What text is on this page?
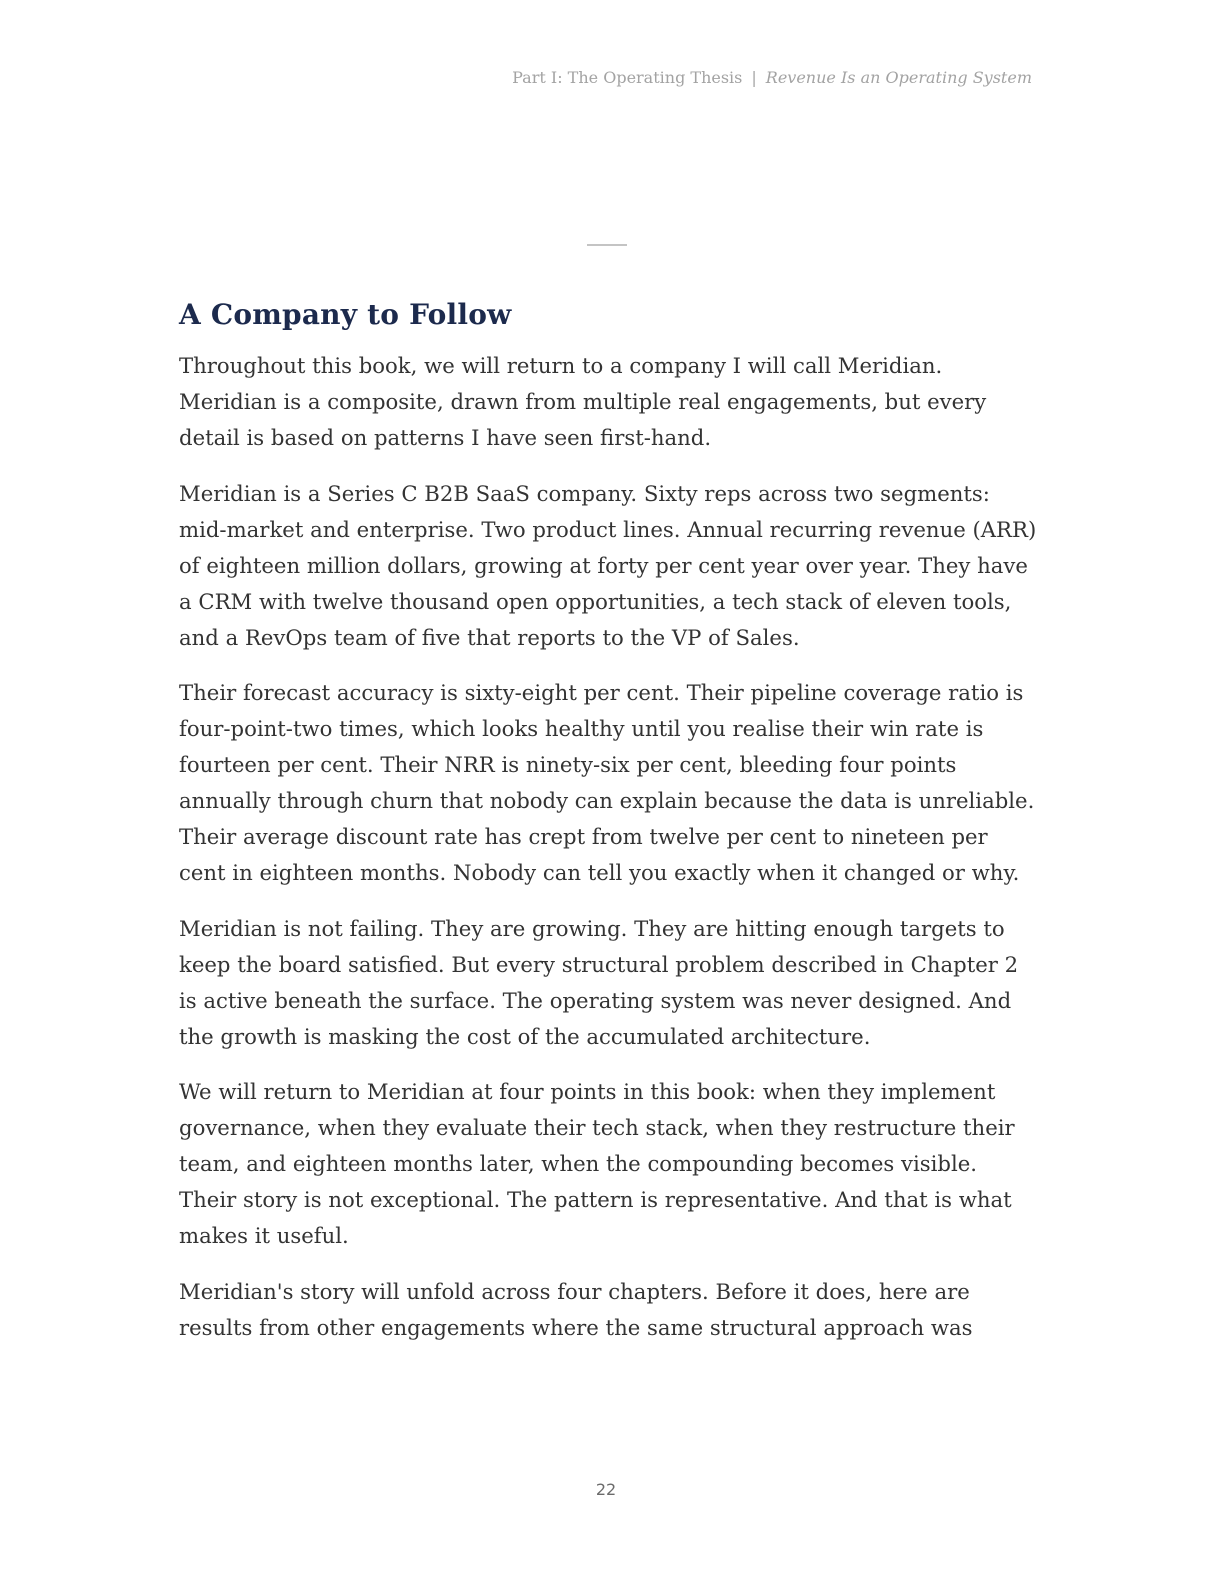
Part I: The Operating Thesis | Revenue Is an Operating System
A Company to Follow

Throughout this book, we will return to a company I will call Meridian. Meridian is a composite, drawn from multiple real engagements, but every detail is based on patterns I have seen first-hand.

Meridian is a Series C B2B SaaS company. Sixty reps across two segments: mid-market and enterprise. Two product lines. Annual recurring revenue (ARR) of eighteen million dollars, growing at forty per cent year over year. They have a CRM with twelve thousand open opportunities, a tech stack of eleven tools, and a RevOps team of five that reports to the VP of Sales.

Their forecast accuracy is sixty-eight per cent. Their pipeline coverage ratio is four-point-two times, which looks healthy until you realise their win rate is fourteen per cent. Their NRR is ninety-six per cent, bleeding four points annually through churn that nobody can explain because the data is unreliable. Their average discount rate has crept from twelve per cent to nineteen per cent in eighteen months. Nobody can tell you exactly when it changed or why.

Meridian is not failing. They are growing. They are hitting enough targets to keep the board satisfied. But every structural problem described in Chapter 2 is active beneath the surface. The operating system was never designed. And the growth is masking the cost of the accumulated architecture.

We will return to Meridian at four points in this book: when they implement governance, when they evaluate their tech stack, when they restructure their team, and eighteen months later, when the compounding becomes visible. Their story is not exceptional. The pattern is representative. And that is what makes it useful.

Meridian's story will unfold across four chapters. Before it does, here are results from other engagements where the same structural approach was

22
